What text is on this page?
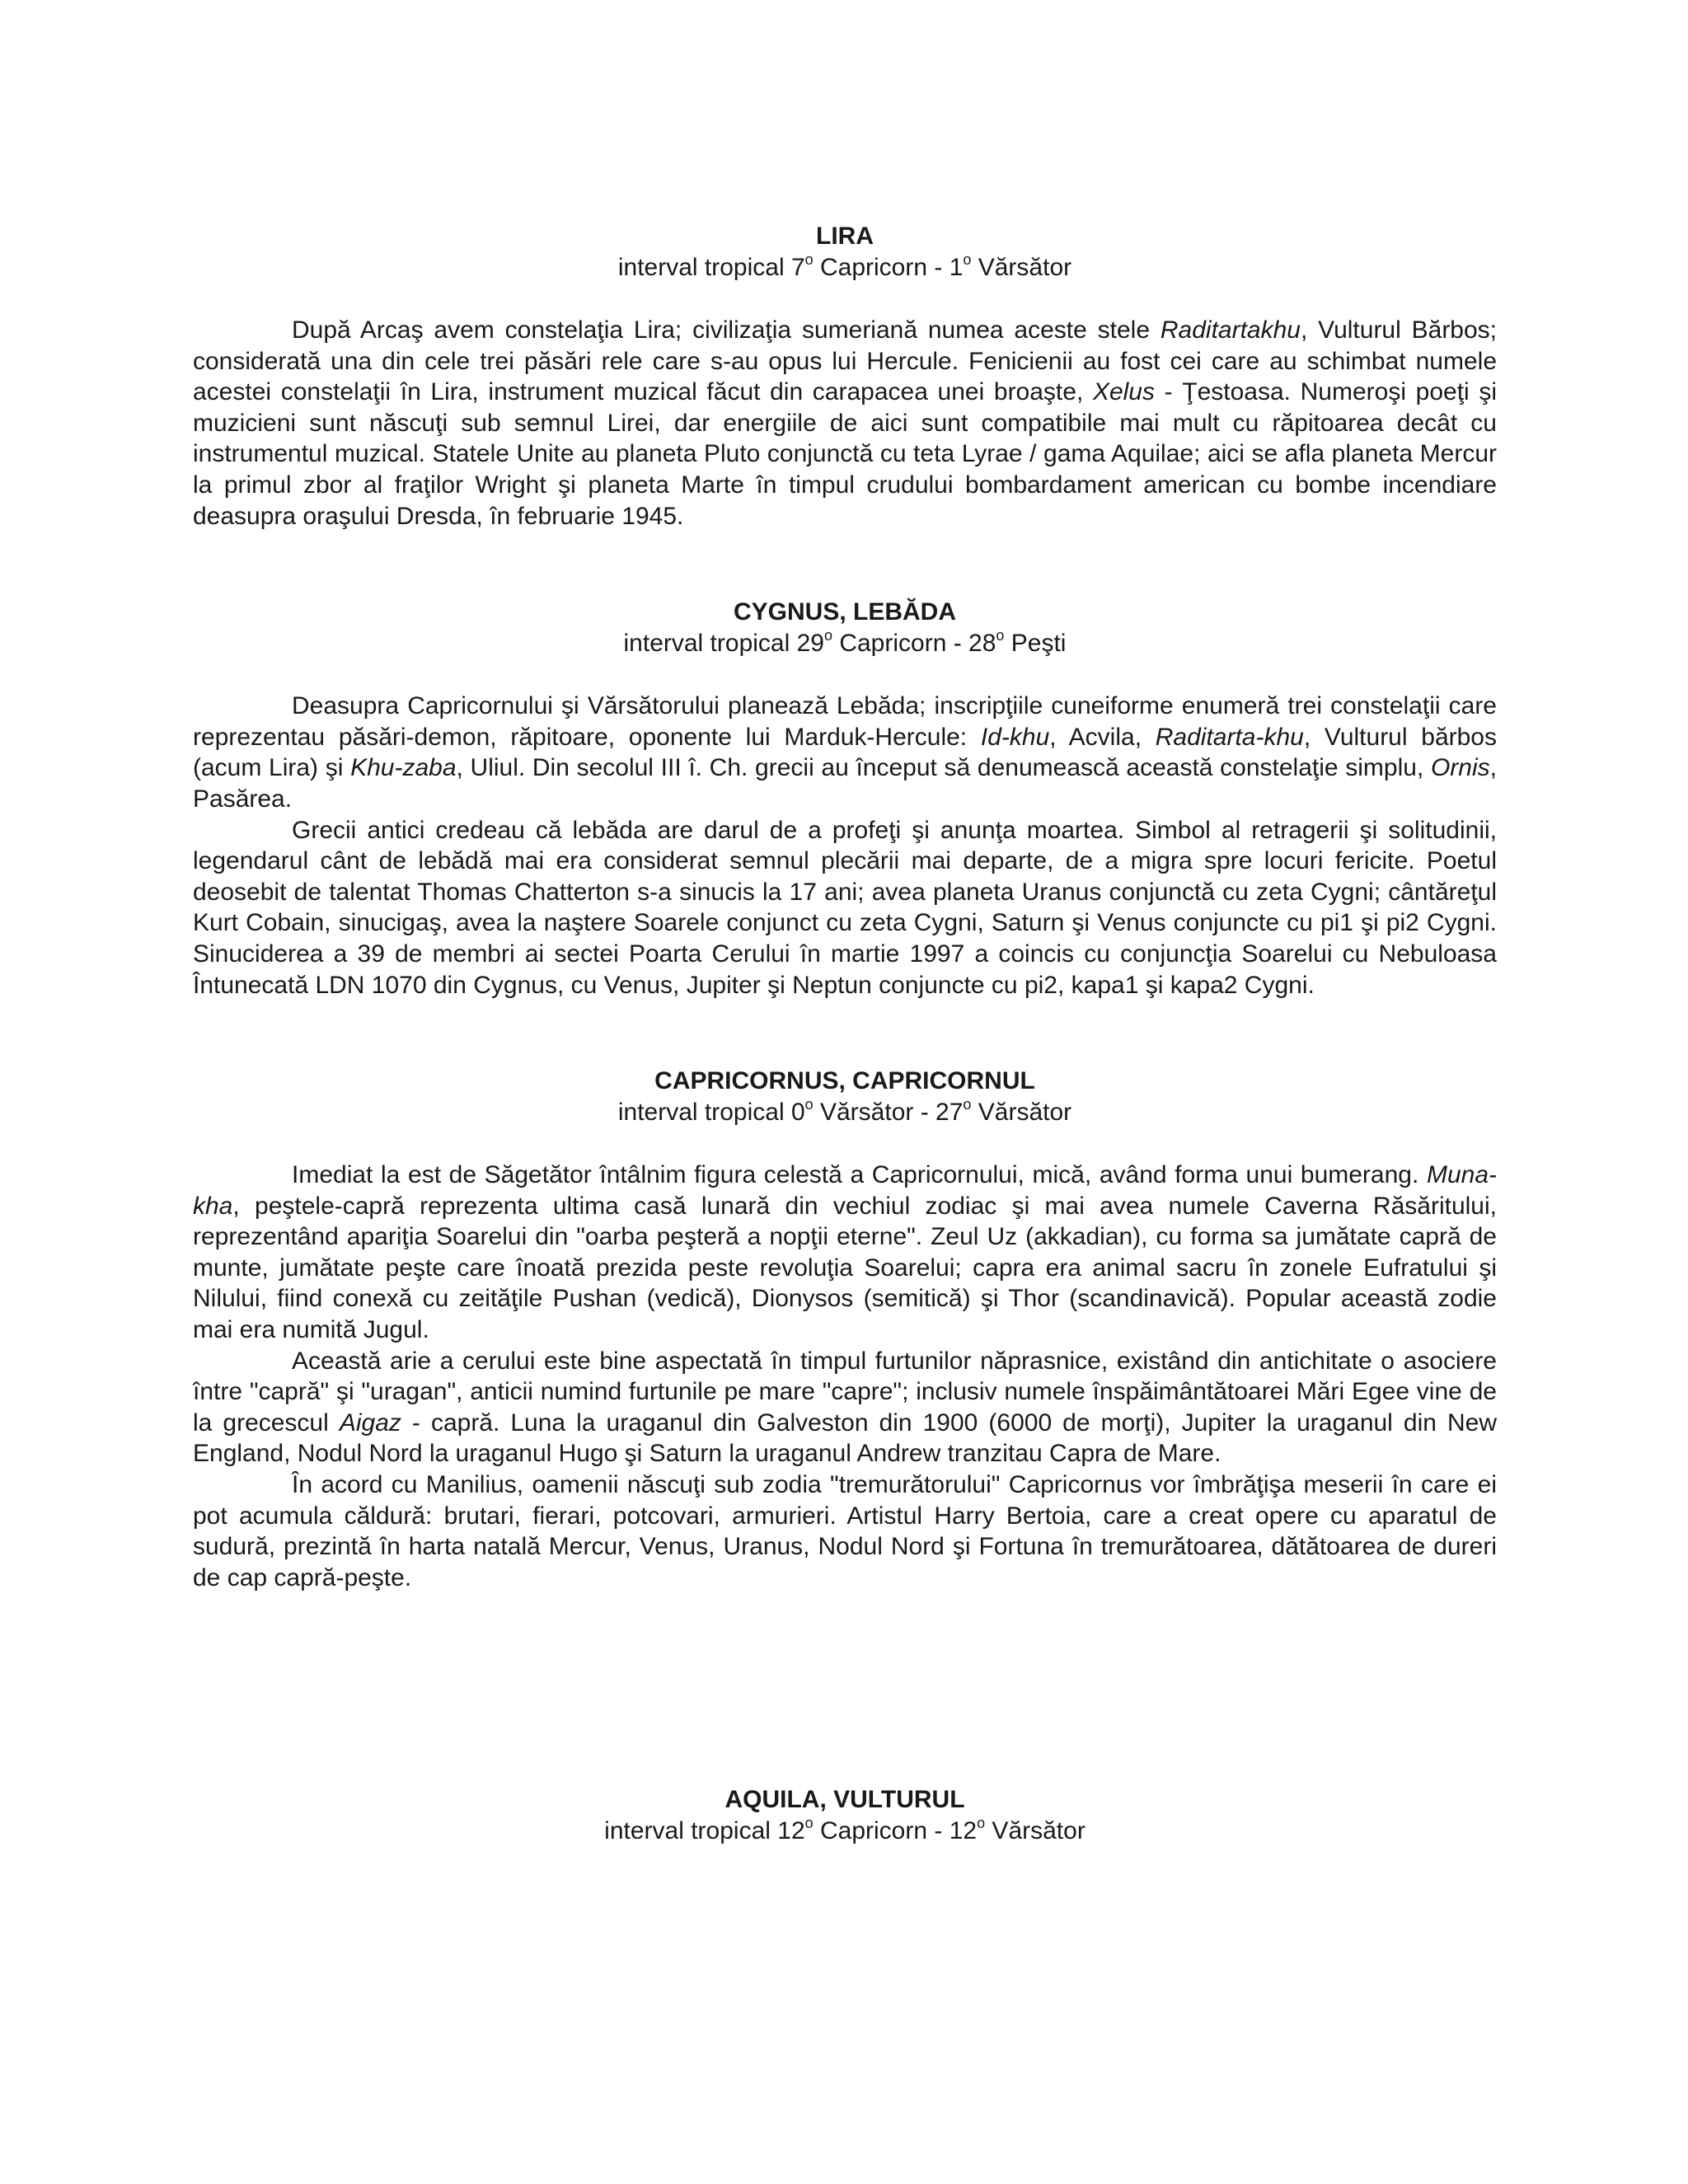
LIRA

interval tropical 7$^o$ Capricorn - 1$^o$ Vărsător

După Arcaş avem constelaţia Lira; civilizaţia sumeriană numea aceste stele Raditartakhu, Vulturul Bărbos; considerată una din cele trei păsări rele care s-au opus lui Hercule. Fenicienii au fost cei care au schimbat numele acestei constelaţii în Lira, instrument muzical făcut din carapacea unei broaşte, Xelus - Ţestoasa. Numeroşi poeţi şi muzicieni sunt născuţi sub semnul Lirei, dar energiile de aici sunt compatibile mai mult cu răpitoarea decât cu instrumentul muzical. Statele Unite au planeta Pluto conjunctă cu teta Lyrae / gama Aquilae; aici se afla planeta Mercur la primul zbor al fraţilor Wright şi planeta Marte în timpul crudului bombardament american cu bombe incendiare deasupra oraşului Dresda, în februarie 1945.

CYGNUS, LEBĂDA

interval tropical 29$^o$ Capricorn - 28$^o$ Peşti

Deasupra Capricornului şi Vărsătorului planează Lebăda; inscripţiile cuneiforme enumeră trei constelaţii care reprezentau păsări-demon, răpitoare, oponente lui Marduk-Hercule: Id-khu, Acvila, Raditarta-khu, Vulturul bărbos (acum Lira) şi Khu-zaba, Uliul. Din secolul III î. Ch. grecii au început să denumească această constelaţie simplu, Ornis, Pasărea.

Grecii antici credeau că lebăda are darul de a profeţi şi anunţa moartea. Simbol al retragerii şi solitudinii, legendarul cânt de lebădă mai era considerat semnul plecării mai departe, de a migra spre locuri fericite. Poetul deosebit de talentat Thomas Chatterton s-a sinucis la 17 ani; avea planeta Uranus conjunctă cu zeta Cygni; cântăreţul Kurt Cobain, sinucigaş, avea la naştere Soarele conjunct cu zeta Cygni, Saturn şi Venus conjuncte cu pi1 şi pi2 Cygni. Sinuciderea a 39 de membri ai sectei Poarta Cerului în martie 1997 a coincis cu conjuncţia Soarelui cu Nebuloasa Întunecată LDN 1070 din Cygnus, cu Venus, Jupiter şi Neptun conjuncte cu pi2, kapa1 şi kapa2 Cygni.

CAPRICORNUS, CAPRICORNUL

interval tropical 0$^o$ Vărsător - 27$^o$ Vărsător

Imediat la est de Săgetător întâlnim figura celestă a Capricornului, mică, având forma unui bumerang. Muna-kha, peştele-capră reprezenta ultima casă lunară din vechiul zodiac şi mai avea numele Caverna Răsăritului, reprezentând apariţia Soarelui din "oarba peşteră a nopţii eterne". Zeul Uz (akkadian), cu forma sa jumătate capră de munte, jumătate peşte care înoată prezida peste revoluţia Soarelui; capra era animal sacru în zonele Eufratului şi Nilului, fiind conexă cu zeităţile Pushan (vedică), Dionysos (semitică) şi Thor (scandinavică). Popular această zodie mai era numită Jugul.

Această arie a cerului este bine aspectată în timpul furtunilor năprasnice, existând din antichitate o asociere între "capră" şi "uragan", anticii numind furtunile pe mare "capre"; inclusiv numele înspăimântătoarei Mări Egee vine de la grecescul Aigaz - capră. Luna la uraganul din Galveston din 1900 (6000 de morţi), Jupiter la uraganul din New England, Nodul Nord la uraganul Hugo şi Saturn la uraganul Andrew tranzitau Capra de Mare.

În acord cu Manilius, oamenii născuţi sub zodia "tremurătorului" Capricornus vor îmbrăţişa meserii în care ei pot acumula căldură: brutari, fierari, potcovari, armurieri. Artistul Harry Bertoia, care a creat opere cu aparatul de sudură, prezintă în harta natală Mercur, Venus, Uranus, Nodul Nord şi Fortuna în tremurătoarea, dătătoarea de dureri de cap capră-peşte.

AQUILA, VULTURUL

interval tropical 12$^o$ Capricorn - 12$^o$ Vărsător
